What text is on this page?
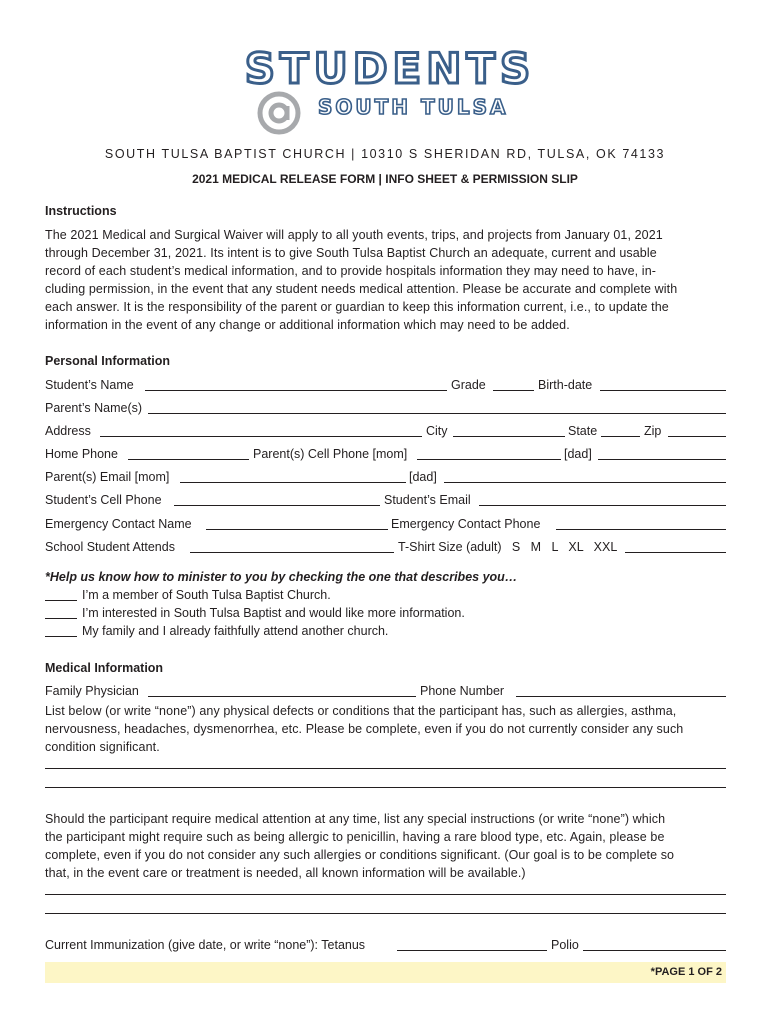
STUDENTS
SOUTH TULSA
SOUTH TULSA BAPTIST CHURCH | 10310 S SHERIDAN RD, TULSA, OK 74133
2021 MEDICAL RELEASE FORM | INFO SHEET & PERMISSION SLIP
Instructions
The 2021 Medical and Surgical Waiver will apply to all youth events, trips, and projects from January 01, 2021
through December 31, 2021. Its intent is to give South Tulsa Baptist Church an adequate, current and usable
record of each student’s medical information, and to provide hospitals information they may need to have, in-
cluding permission, in the event that any student needs medical attention. Please be accurate and complete with
each answer. It is the responsibility of the parent or guardian to keep this information current, i.e., to update the
information in the event of any change or additional information which may need to be added.
Personal Information
Student’s Name	Grade	Birth-date
Parent’s Name(s)
Address	City	State	Zip
Home Phone	Parent(s) Cell Phone [mom]	[dad]
Parent(s) Email [mom]	[dad]
Student’s Cell Phone	Student’s Email
Emergency Contact Name	Emergency Contact Phone
School Student Attends	T-Shirt Size (adult)   S   M   L   XL   XXL
*Help us know how to minister to you by checking the one that describes you…
I’m a member of South Tulsa Baptist Church.
I’m interested in South Tulsa Baptist and would like more information.
My family and I already faithfully attend another church.
Medical Information
Family Physician	Phone Number
List below (or write “none”) any physical defects or conditions that the participant has, such as allergies, asthma,
nervousness, headaches, dysmenorrhea, etc. Please be complete, even if you do not currently consider any such
condition significant.
Should the participant require medical attention at any time, list any special instructions (or write “none”) which
the participant might require such as being allergic to penicillin, having a rare blood type, etc. Again, please be
complete, even if you do not consider any such allergies or conditions significant. (Our goal is to be complete so
that, in the event care or treatment is needed, all known information will be available.)
Current Immunization (give date, or write “none”): Tetanus	Polio
*PAGE 1 OF 2
